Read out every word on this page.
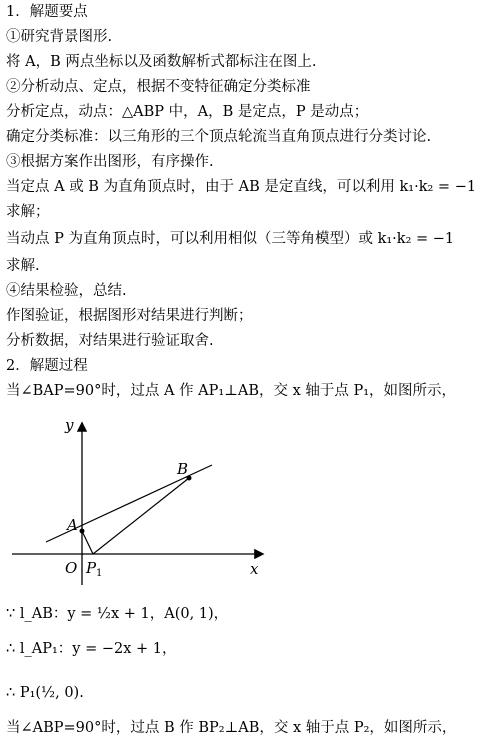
1．解题要点
①研究背景图形.
将 A，B 两点坐标以及函数解析式都标注在图上.
②分析动点、定点，根据不变特征确定分类标准
分析定点，动点：△ABP 中，A，B 是定点，P 是动点；
确定分类标准：以三角形的三个顶点轮流当直角顶点进行分类讨论.
③根据方案作出图形，有序操作.
当定点 A 或 B 为直角顶点时，由于 AB 是定直线，可以利用 k₁·k₂ = −1
求解；
当动点 P 为直角顶点时，可以利用相似（三等角模型）或 k₁·k₂ = −1
求解.
④结果检验，总结.
作图验证，根据图形对结果进行判断；
分析数据，对结果进行验证取舍.
2．解题过程
当∠BAP=90°时，过点 A 作 AP₁⊥AB，交 x 轴于点 P₁，如图所示，
y
x
O
A
B
P 1
∵ l_AB：y = ½x + 1，A(0, 1)，
∴ l_AP₁：y = −2x + 1，
∴ P₁(½, 0).
当∠ABP=90°时，过点 B 作 BP₂⊥AB，交 x 轴于点 P₂，如图所示，
